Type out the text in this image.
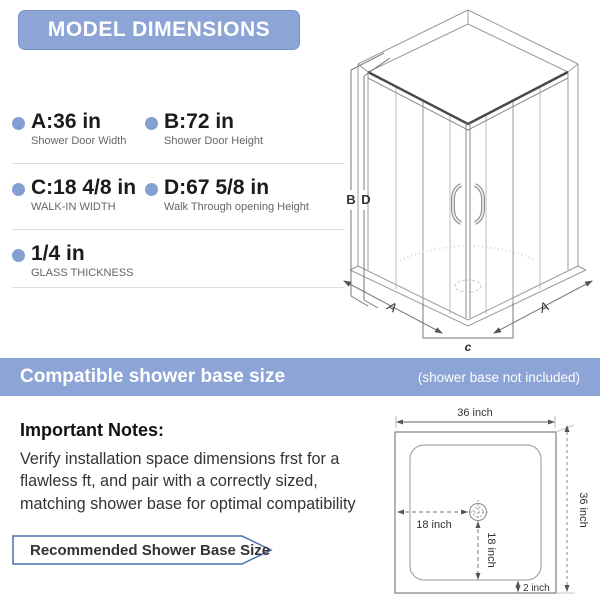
MODEL DIMENSIONS
A:36 in
Shower Door Width
B:72 in
Shower Door Height
C:18 4/8 in
WALK-IN WIDTH
D:67 5/8 in
Walk Through opening Height
1/4 in
GLASS THICKNESS
B D
A	A
c
Compatible shower base size	(shower base not included)
Important Notes:
Verify installation space dimensions frst for a flawless ft, and pair with a correctly sized, matching shower base for optimal compatibility
Recommended Shower Base Size
36 inch
36 inch
18 inch
18 inch
2 inch
